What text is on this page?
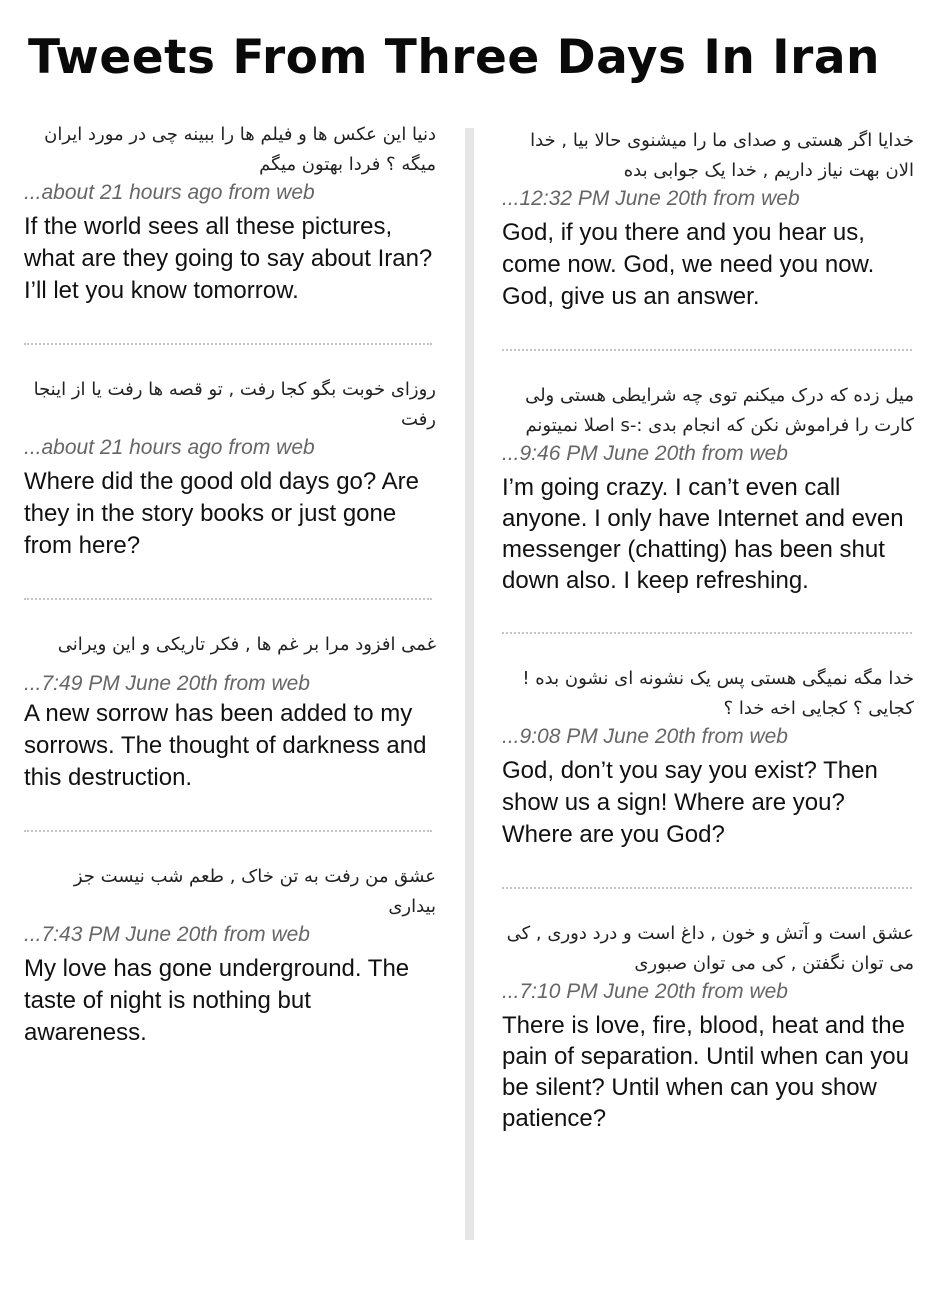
Tweets From Three Days In Iran
دنیا این عکس ها و فیلم ها را ببینه چی در مورد ایران میگه ؟ فردا بهتون میگم
...about 21 hours ago from web
If the world sees all these pictures, what are they going to say about Iran? I’ll let you know tomorrow.
روزای خوبت بگو کجا رفت , تو قصه ها رفت یا از اینجا رفت
...about 21 hours ago from web
Where did the good old days go? Are they in the story books or just gone from here?
غمی افزود مرا بر غم ها , فکر تاریکی و این ویرانی
...7:49 PM June 20th from web
A new sorrow has been added to my sorrows. The thought of darkness and this destruction.
عشق من رفت به تن خاک , طعم شب نیست جز بیداری
...7:43 PM June 20th from web
My love has gone underground. The taste of night is nothing but awareness.
خدایا اگر هستی و صدای ما را میشنوی حالا بیا , خدا الان بهت نیاز داریم , خدا یک جوابی بده
...12:32 PM June 20th from web
God, if you there and you hear us, come now. God, we need you now. God, give us an answer.
میل زده که درک میکنم توی چه شرایطی هستی ولی کارت را فراموش نکن که انجام بدی :-s اصلا نمیتونم
...9:46 PM June 20th from web
I’m going crazy. I can’t even call anyone. I only have Internet and even messenger (chatting) has been shut down also. I keep refreshing.
خدا مگه نمیگی هستی پس یک نشونه ای نشون بده ! کجایی ؟ کجایی اخه خدا ؟
...9:08 PM June 20th from web
God, don’t you say you exist? Then show us a sign! Where are you? Where are you God?
عشق است و آتش و خون , داغ است و درد دوری , کی می توان نگفتن , کی می توان صبوری
...7:10 PM June 20th from web
There is love, fire, blood, heat and the pain of separation. Until when can you be silent? Until when can you show patience?
